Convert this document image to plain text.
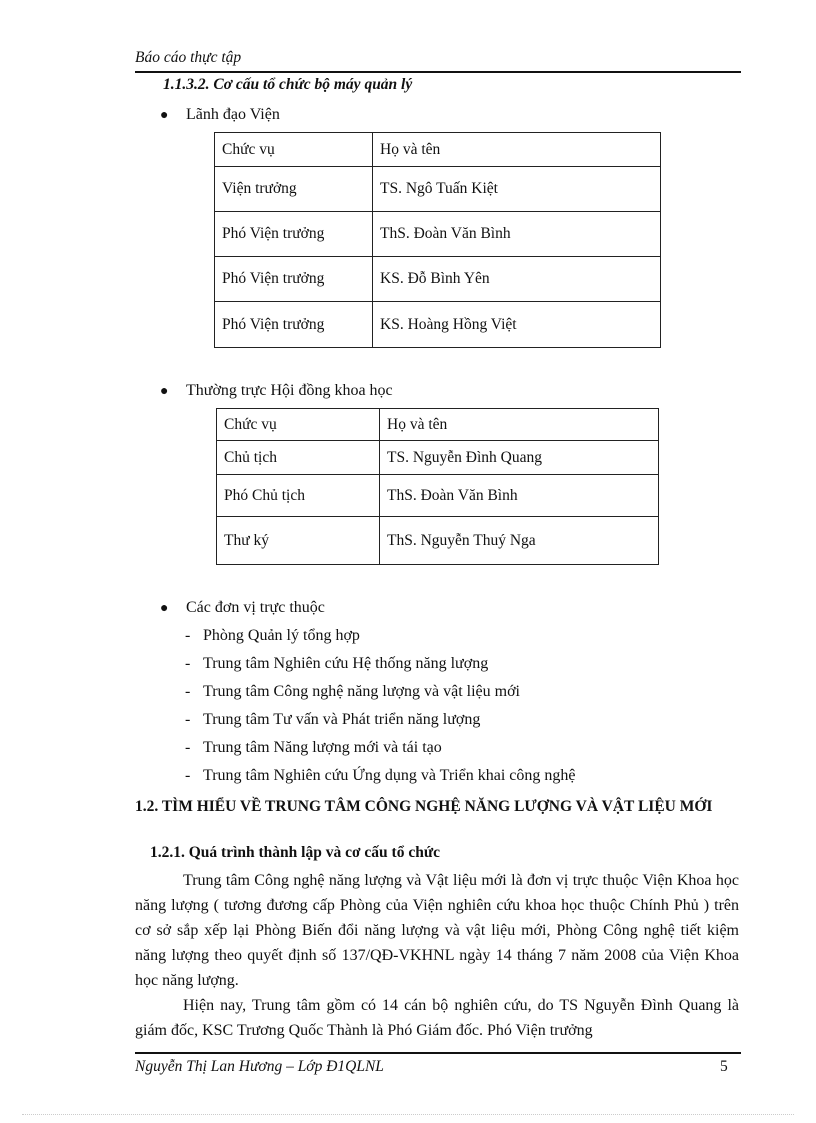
Báo cáo thực tập
1.1.3.2. Cơ cấu tổ chức bộ máy quản lý
● Lãnh đạo Viện
Chức vụ	Họ và tên
Viện trưởng	TS. Ngô Tuấn Kiệt
Phó Viện trưởng	ThS. Đoàn Văn Bình
Phó Viện trưởng	KS. Đỗ Bình Yên
Phó Viện trưởng	KS. Hoàng Hồng Việt
● Thường trực Hội đồng khoa học
Chức vụ	Họ và tên
Chủ tịch	TS. Nguyễn Đình Quang
Phó Chủ tịch	ThS. Đoàn Văn Bình
Thư ký	ThS. Nguyễn Thuý Nga
● Các đơn vị trực thuộc
- Phòng Quản lý tổng hợp
- Trung tâm Nghiên cứu Hệ thống năng lượng
- Trung tâm Công nghệ năng lượng và vật liệu mới
- Trung tâm Tư vấn và Phát triển năng lượng
- Trung tâm Năng lượng mới và tái tạo
- Trung tâm Nghiên cứu Ứng dụng và Triển khai công nghệ
1.2. TÌM HIỂU VỀ TRUNG TÂM CÔNG NGHỆ NĂNG LƯỢNG VÀ VẬT LIỆU MỚI
1.2.1. Quá trình thành lập và cơ cấu tổ chức
Trung tâm Công nghệ năng lượng và Vật liệu mới là đơn vị trực thuộc Viện Khoa học năng lượng ( tương đương cấp Phòng của Viện nghiên cứu khoa học thuộc Chính Phủ ) trên cơ sở sắp xếp lại Phòng Biến đổi năng lượng và vật liệu mới, Phòng Công nghệ tiết kiệm năng lượng theo quyết định số 137/QĐ-VKHNL ngày 14 tháng 7 năm 2008 của Viện Khoa học năng lượng.
Hiện nay, Trung tâm gồm có 14 cán bộ nghiên cứu, do TS Nguyễn Đình Quang là giám đốc, KSC Trương Quốc Thành là Phó Giám đốc. Phó Viện trưởng
Nguyễn Thị Lan Hương – Lớp Đ1QLNL	5
